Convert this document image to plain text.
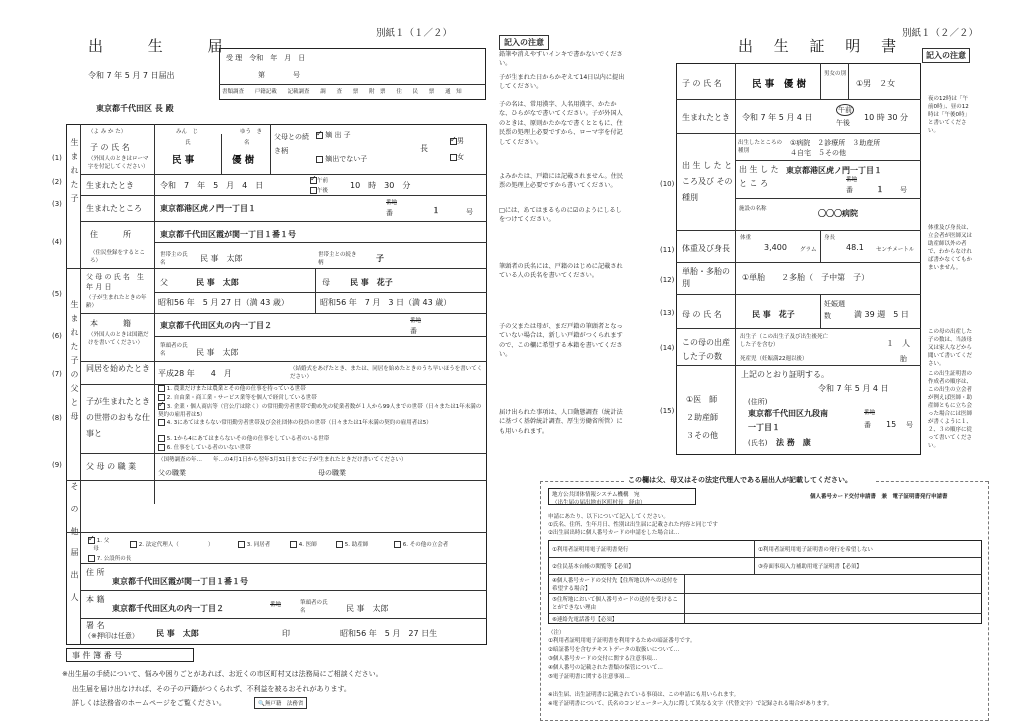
出 生 届
別紙１（１／２）
令和 7 年 5 月 7 日届出
東京都千代田区 長 殿
受 理　令和　年　月　日
第　　　　号
書類調査 戸籍記載 記載調査 調 査 票 附　票 住 民 票 通　知
生まれた子
生まれた子の父と母
そ の 他
届 出 人
(1)
(2)
(3)
(4)
(5)
(6)
(7)
(8)
(9)
（よ み か た）	みん　じ	ゆう　き
子 の 氏 名
（外国人のときはローマ字を付記してください）
氏	名
民 事	優 樹
父母との続き柄
✓ 嫡 出 子
嫡出でない子
長
✓男
女
生まれたとき	令和　7　年　5　月　4　日
✓	午前
午後
10　時　30　分
生まれたところ 東京都港区虎ノ門一丁目１
番地
番	１	号
住　　所
（住民登録をするところ）
東京都千代田区霞が関一丁目１番１号
世帯主の氏名	民 事　太郎	世帯主との続き柄	子
父 母 の 氏 名　生 年 月 日
（子が生まれたときの年齢）
父	民 事　太郎	母	民 事　花子
昭和56 年　5 月 27 日（満 43 歳）	昭和56 年　7 月　3 日（満 43 歳）
本　　籍
（外国人のときは国籍だけを書いてください）
東京都千代田区丸の内一丁目２	番地
番
筆頭者の氏名	民 事　太郎
同居を始めたとき
平成28 年　　4　月	（結婚式をあげたとき、または、同居を始めたときのうち早いほうを書いてください）
子が生まれたときの世帯のおもな仕事と
1. 農業だけまたは農業とその他の仕事を持っている世帯
2. 自由業・商工業・サービス業等を個人で経営している世帯
✓ 3. 企業・個人商店等（官公庁は除く）の常用勤労者世帯で勤め先の従業者数が１人から99人までの世帯（日々または1年未満の契約の雇用者は5）
4. 3にあてはまらない常用勤労者世帯及び会社団体の役員の世帯（日々または1年未満の契約の雇用者は5）
5. 1から4にあてはまらないその他の仕事をしている者のいる世帯
6. 仕事をしている者のいない世帯
父 母 の 職 業
（国勢調査の年…　　年…の4月1日から翌年3月31日までに子が生まれたときだけ書いてください）
父の職業	母の職業
✓ 1. 父
母
2. 法定代理人（	）	3. 同居者	4. 医師	5. 助産師	6. その他の立会者
7. 公設所の長
住 所
東京都千代田区霞が関一丁目１番１号
本 籍
東京都千代田区丸の内一丁目２	番地	筆頭者の氏名	民 事　太郎
署 名
（※押印は任意） 民 事　太郎	印	昭和56 年　5 月　27 日生
事 件 簿 番 号
※出生届の手続について、悩みや困りごとがあれば、お近くの市区町村又は法務局にご相談ください。
出生届を届け出なければ、その子の戸籍がつくられず、不利益を被るおそれがあります。
詳しくは法務省のホームページをご覧ください。	🔍無戸籍　法務省
記入の注意
鉛筆や消えやすいインキで書かないでください。
子が生まれた日からかぞえて14日以内に提出してください。
子の名は、常用漢字、人名用漢字、かたかな、ひらがなで書いてください。子が外国人のときは、原則かたかなで書くとともに、住民票の処理上必要ですから、ローマ字を付記してください。
よみかたは、戸籍には記載されません。住民票の処理上必要ですから書いてください。
□には、あてはまるものに☑のようにしるしをつけてください。
筆頭者の氏名には、戸籍のはじめに記載されている人の氏名を書いてください。
子の父または母が、まだ戸籍の筆頭者となっていない場合は、新しい戸籍がつくられますので、この欄に希望する本籍を書いてください。
届け出られた事項は、人口動態調査（統計法に基づく基幹統計調査、厚生労働省所管）にも用いられます。
出 生 証 明 書
別紙１（２／２）
記入の注意
(10)
(11)
(12)
(13)
(14)
(15)
子 の 氏 名	民 事　優 樹
男女の別
①男　２女
生まれたとき 令和 7 年 5 月 4 日
午前
午後
10 時 30 分
出 生 し た ところ及び その種別
出生したところの種別
①病院　２診療所　３助産所　　　　　　　４自宅　５その他
出 生 し た と こ ろ
東京都港区虎ノ門一丁目１
番地
番	１ 号
施設の名称	〇〇〇病院
体重及び身長
体重
3,400 グラム
身長
48.1 センチメートル
単胎・多胎の別
①単胎　　２多胎（　子中第　子）
母 の 氏 名	民 事　花子
妊娠週数	満 39 週　5 日
この母の出産した子の数
出生子（この出生子及び出生後死亡した子を含む）	１　人
死産児（妊娠満22週以後）	胎
上記のとおり証明する。
令和 7 年 5 月 4 日
①医　師
２助産師
３その他
(住所)
東京都千代田区九段南
一丁目１
番地
番 15 号
(氏名) 法 務　康
夜の12時は「午前0時」、昼の12時は「午後0時」と書いてください。
体重及び身長は、立会者が医師又は助産師以外の者で、わからなければ書かなくてもかまいません。
この母の出産した子の数は、当該母又は家人などから聞いて書いてください。
この出生証明書の作成者の順序は、この出生の立会者が例えば医師・助産師ともに立ち会った場合には医師が書くように１、２、３の順序に従って書いてください。
この欄は父、母又はその法定代理人である届出人が記載してください。
地方公共団体情報システム機構　宛
（出生届の届出地市区町村長　経由）
個人番号カード交付申請書　兼　電子証明書発行申請書
申請にあたり、以下について記入してください。
①氏名、住所、生年月日、性別は出生届に記載された内容と同じです
②出生届出時に個人番号カードの申請をした場合は…
①利用者証明用電子証明書発行	①利用者証明用電子証明書の発行を希望しない
②住民基本台帳の閲覧等【必須】	③券面事項入力補助用電子証明書【必須】
④個人番号カードの交付先【住所地以外への送付を希望する場合】
⑤住所地において個人番号カードの送付を受けることができない理由
⑥連絡先電話番号【必須】
（注）
①利用者証明用電子証明書を利用するための暗証番号です。
②暗証番号を含むテキストデータの取扱いについて…
③個人番号カードの交付に関する注意事項…
④個人番号の記載された書類の保管について…
⑤電子証明書に関する注意事項…
※出生届、出生証明書に記載されている事項は、この申請にも用いられます。
※電子証明書について、氏名のコンピューター入力に際して異なる文字（代替文字）で記録される場合があります。
